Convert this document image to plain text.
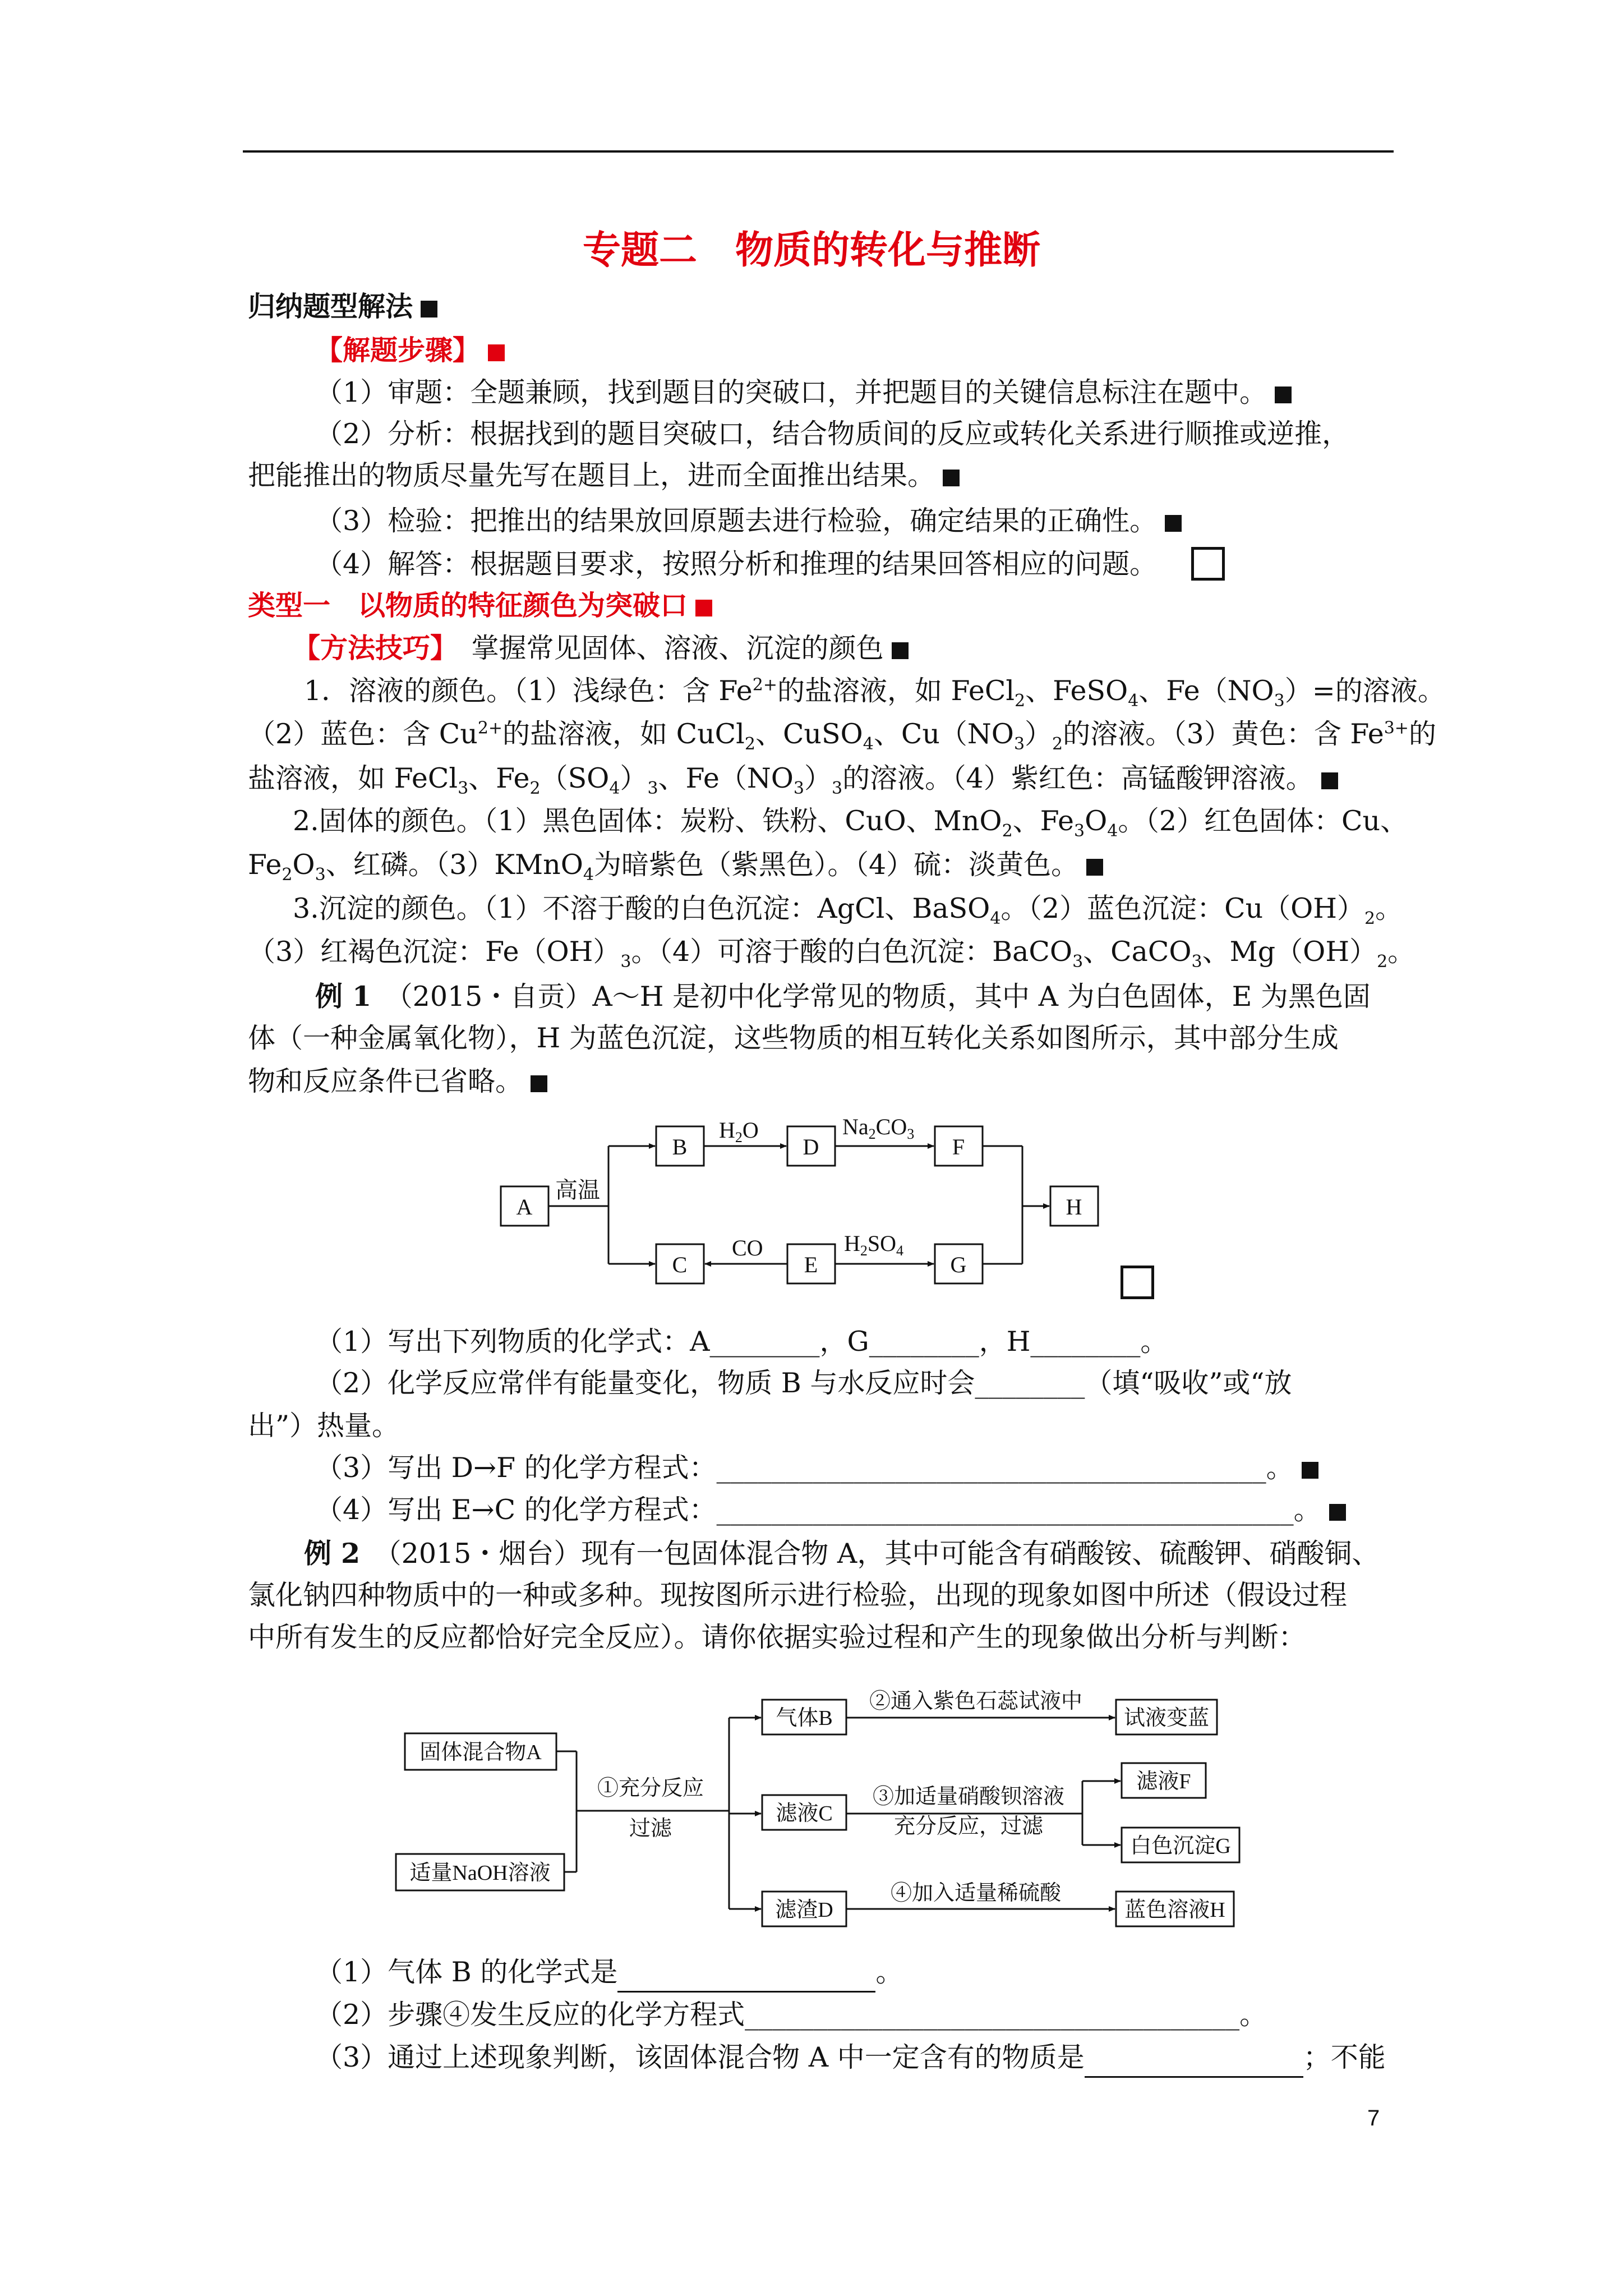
专题二　物质的转化与推断
归纳题型解法
【解题步骤】
（1）审题：全题兼顾，找到题目的突破口，并把题目的关键信息标注在题中。
（2）分析：根据找到的题目突破口，结合物质间的反应或转化关系进行顺推或逆推，
把能推出的物质尽量先写在题目上，进而全面推出结果。
（3）检验：把推出的结果放回原题去进行检验，确定结果的正确性。
（4）解答：根据题目要求，按照分析和推理的结果回答相应的问题。
类型一　以物质的特征颜色为突破口
【方法技巧】　掌握常见固体、溶液、沉淀的颜色
1．溶液的颜色。（1）浅绿色：含 $Fe^{2+}$的盐溶液，如 FeCl$_2$、FeSO$_4$、$Fe(NO_3)=$的溶液。
（2）蓝色：含 $Cu^{2+}$的盐溶液，如 CuCl$_2$、CuSO$_4$、$Cu(NO_3)_2$的溶液。（3）黄色：含 $Fe^{3+}$的
盐溶液，如 FeCl$_3$、$Fe_2(SO_4)_3$、$Fe(NO_3)_3$的溶液。（4）紫红色：高锰酸钾溶液。
2.固体的颜色。（1）黑色固体：炭粉、铁粉、CuO、MnO$_2$、$Fe_3O_4$。（2）红色固体：Cu、
$Fe_2O_3$、红磷。（3）KMnO$_4$为暗紫色（紫黑色）。（4）硫：淡黄色。
3.沉淀的颜色。（1）不溶于酸的白色沉淀：AgCl、BaSO$_4$。（2）蓝色沉淀：$Cu(OH)_2$。
（3）红褐色沉淀：$Fe(OH)_3$。（4）可溶于酸的白色沉淀：BaCO$_3$、CaCO$_3$、$Mg(OH)_2$。
例 1　（2015・自贡）A～H 是初中化学常见的物质，其中 A 为白色固体，E 为黑色固
体（一种金属氧化物），H 为蓝色沉淀，这些物质的相互转化关系如图所示，其中部分生成
物和反应条件已省略。
A
B
C
D
E
F
G
H
高温
$H_2O$	$Na_2CO_3$
CO	$H_2SO_4$
固体混合物A
适量NaOH溶液
①充分反应
过滤
气体B
滤液C
滤渣D
②通入紫色石蕊试液中
③加适量硝酸钡溶液
充分反应，过滤
④加入适量稀硫酸
试液变蓝
滤液F
白色沉淀G
蓝色溶液H
（1）写出下列物质的化学式：A________，G________，H________。
（2）化学反应常伴有能量变化，物质 B 与水反应时会________（填“吸收”或“放
出”）热量。
（3）写出 D→F 的化学方程式：________________________________________。
（4）写出 E→C 的化学方程式：__________________________________________。
例 2　（2015・烟台）现有一包固体混合物 A，其中可能含有硝酸铵、硫酸钾、硝酸铜、
氯化钠四种物质中的一种或多种。现按图所示进行检验，出现的现象如图中所述（假设过程
中所有发生的反应都恰好完全反应）。请你依据实验过程和产生的现象做出分析与判断：
（1）气体 B 的化学式是	。
（2）步骤④发生反应的化学方程式____________________________________。
（3）通过上述现象判断，该固体混合物 A 中一定含有的物质是	；不能
7
